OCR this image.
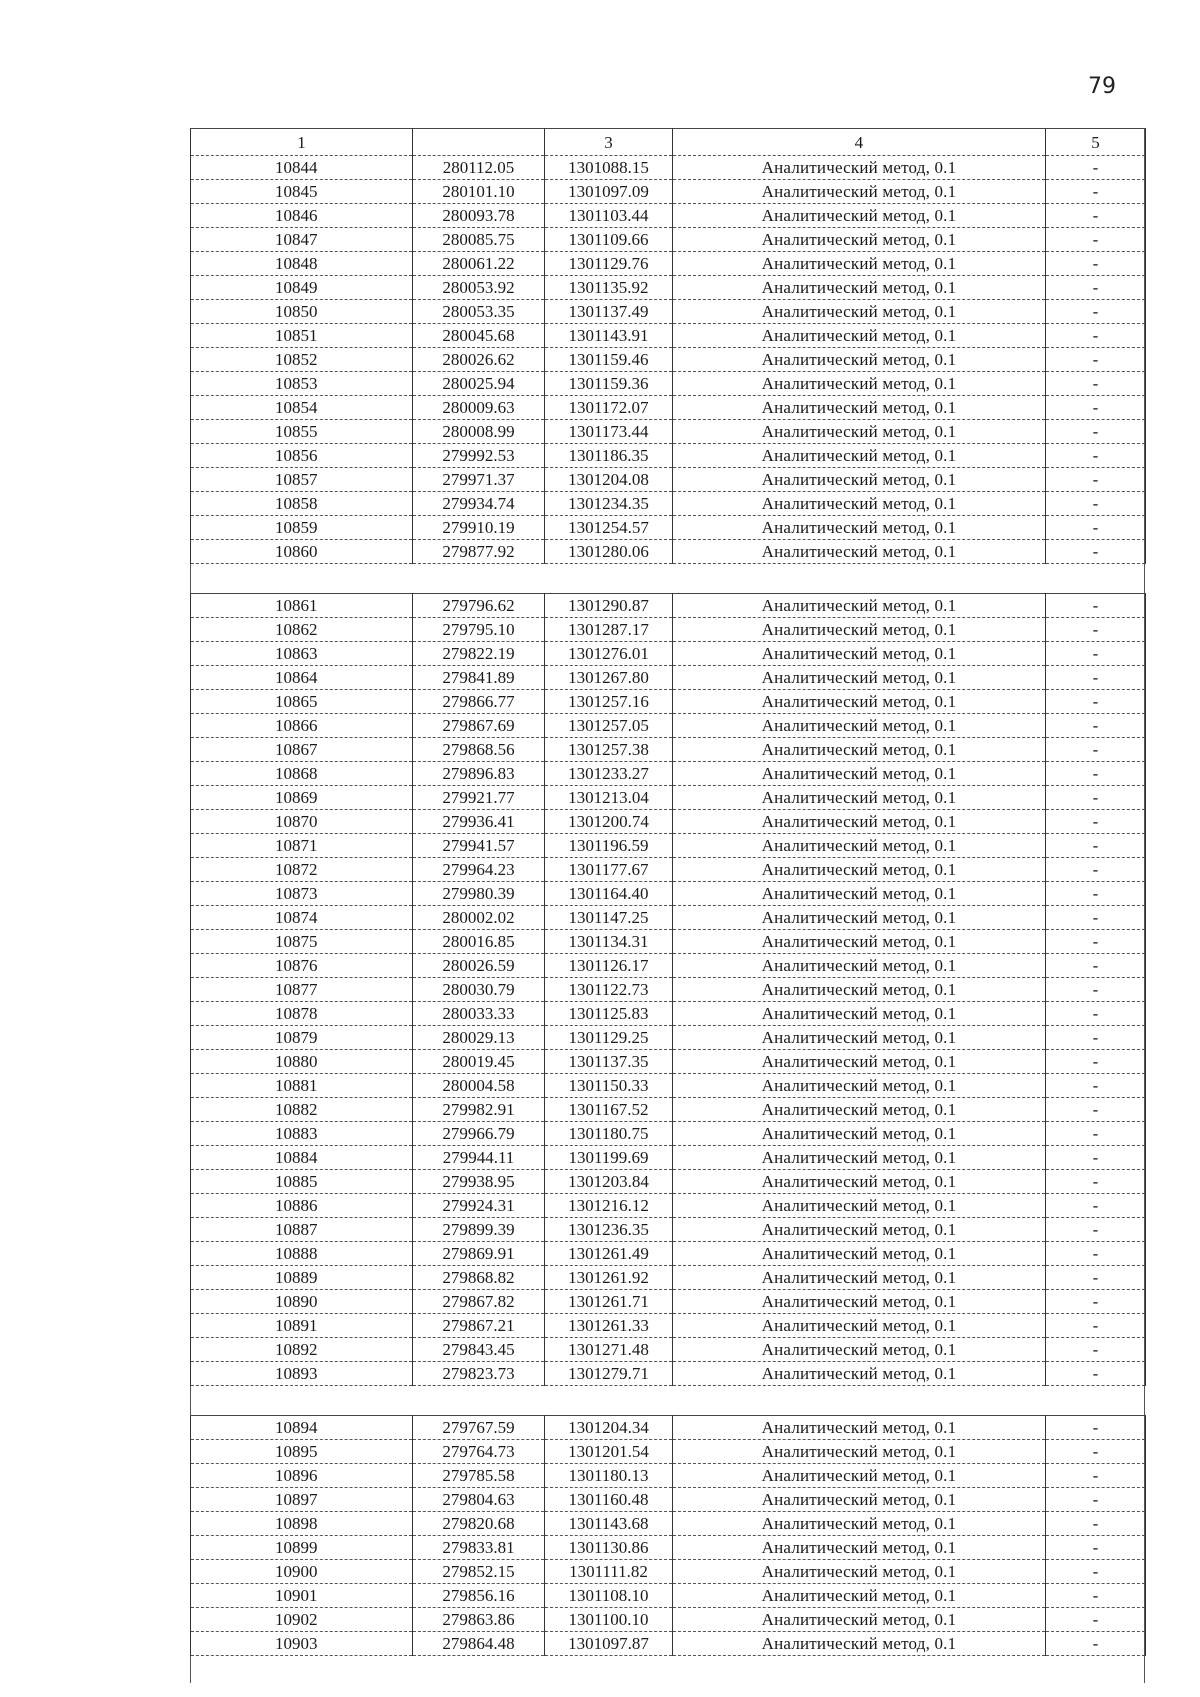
79
1		3	4	5
10844	280112.05	1301088.15	Аналитический метод, 0.1	-
10845	280101.10	1301097.09	Аналитический метод, 0.1	-
10846	280093.78	1301103.44	Аналитический метод, 0.1	-
10847	280085.75	1301109.66	Аналитический метод, 0.1	-
10848	280061.22	1301129.76	Аналитический метод, 0.1	-
10849	280053.92	1301135.92	Аналитический метод, 0.1	-
10850	280053.35	1301137.49	Аналитический метод, 0.1	-
10851	280045.68	1301143.91	Аналитический метод, 0.1	-
10852	280026.62	1301159.46	Аналитический метод, 0.1	-
10853	280025.94	1301159.36	Аналитический метод, 0.1	-
10854	280009.63	1301172.07	Аналитический метод, 0.1	-
10855	280008.99	1301173.44	Аналитический метод, 0.1	-
10856	279992.53	1301186.35	Аналитический метод, 0.1	-
10857	279971.37	1301204.08	Аналитический метод, 0.1	-
10858	279934.74	1301234.35	Аналитический метод, 0.1	-
10859	279910.19	1301254.57	Аналитический метод, 0.1	-
10860	279877.92	1301280.06	Аналитический метод, 0.1	-

10861	279796.62	1301290.87	Аналитический метод, 0.1	-
10862	279795.10	1301287.17	Аналитический метод, 0.1	-
10863	279822.19	1301276.01	Аналитический метод, 0.1	-
10864	279841.89	1301267.80	Аналитический метод, 0.1	-
10865	279866.77	1301257.16	Аналитический метод, 0.1	-
10866	279867.69	1301257.05	Аналитический метод, 0.1	-
10867	279868.56	1301257.38	Аналитический метод, 0.1	-
10868	279896.83	1301233.27	Аналитический метод, 0.1	-
10869	279921.77	1301213.04	Аналитический метод, 0.1	-
10870	279936.41	1301200.74	Аналитический метод, 0.1	-
10871	279941.57	1301196.59	Аналитический метод, 0.1	-
10872	279964.23	1301177.67	Аналитический метод, 0.1	-
10873	279980.39	1301164.40	Аналитический метод, 0.1	-
10874	280002.02	1301147.25	Аналитический метод, 0.1	-
10875	280016.85	1301134.31	Аналитический метод, 0.1	-
10876	280026.59	1301126.17	Аналитический метод, 0.1	-
10877	280030.79	1301122.73	Аналитический метод, 0.1	-
10878	280033.33	1301125.83	Аналитический метод, 0.1	-
10879	280029.13	1301129.25	Аналитический метод, 0.1	-
10880	280019.45	1301137.35	Аналитический метод, 0.1	-
10881	280004.58	1301150.33	Аналитический метод, 0.1	-
10882	279982.91	1301167.52	Аналитический метод, 0.1	-
10883	279966.79	1301180.75	Аналитический метод, 0.1	-
10884	279944.11	1301199.69	Аналитический метод, 0.1	-
10885	279938.95	1301203.84	Аналитический метод, 0.1	-
10886	279924.31	1301216.12	Аналитический метод, 0.1	-
10887	279899.39	1301236.35	Аналитический метод, 0.1	-
10888	279869.91	1301261.49	Аналитический метод, 0.1	-
10889	279868.82	1301261.92	Аналитический метод, 0.1	-
10890	279867.82	1301261.71	Аналитический метод, 0.1	-
10891	279867.21	1301261.33	Аналитический метод, 0.1	-
10892	279843.45	1301271.48	Аналитический метод, 0.1	-
10893	279823.73	1301279.71	Аналитический метод, 0.1	-

10894	279767.59	1301204.34	Аналитический метод, 0.1	-
10895	279764.73	1301201.54	Аналитический метод, 0.1	-
10896	279785.58	1301180.13	Аналитический метод, 0.1	-
10897	279804.63	1301160.48	Аналитический метод, 0.1	-
10898	279820.68	1301143.68	Аналитический метод, 0.1	-
10899	279833.81	1301130.86	Аналитический метод, 0.1	-
10900	279852.15	1301111.82	Аналитический метод, 0.1	-
10901	279856.16	1301108.10	Аналитический метод, 0.1	-
10902	279863.86	1301100.10	Аналитический метод, 0.1	-
10903	279864.48	1301097.87	Аналитический метод, 0.1	-
